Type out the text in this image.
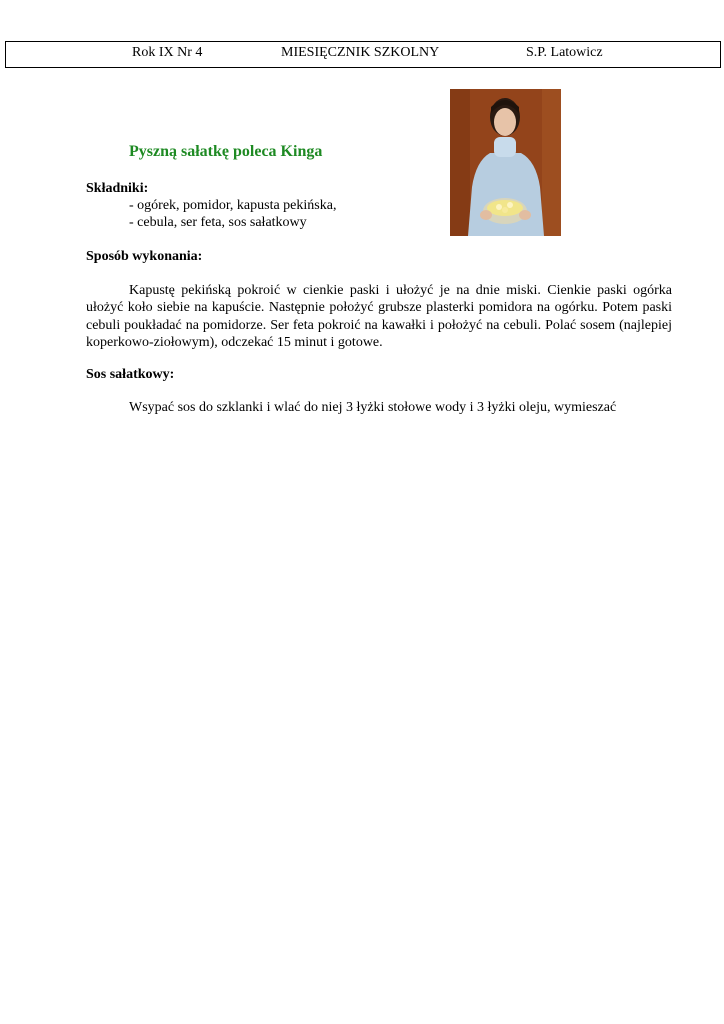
Rok IX Nr 4	MIESIĘCZNIK SZKOLNY	S.P. Latowicz
Pyszną sałatkę poleca Kinga
Składniki:
- ogórek, pomidor, kapusta pekińska,
- cebula, ser feta, sos sałatkowy
Sposób wykonania:
Kapustę pekińską pokroić w cienkie paski i ułożyć je na dnie miski. Cienkie paski ogórka ułożyć koło siebie na kapuście. Następnie położyć grubsze plasterki pomidora na ogórku. Potem paski cebuli poukładać na pomidorze. Ser feta pokroić na kawałki i położyć na cebuli. Polać sosem (najlepiej koperkowo-ziołowym), odczekać 15 minut i gotowe.
Sos sałatkowy:
Wsypać sos do szklanki i wlać do niej 3 łyżki stołowe wody i 3 łyżki oleju, wymieszać
